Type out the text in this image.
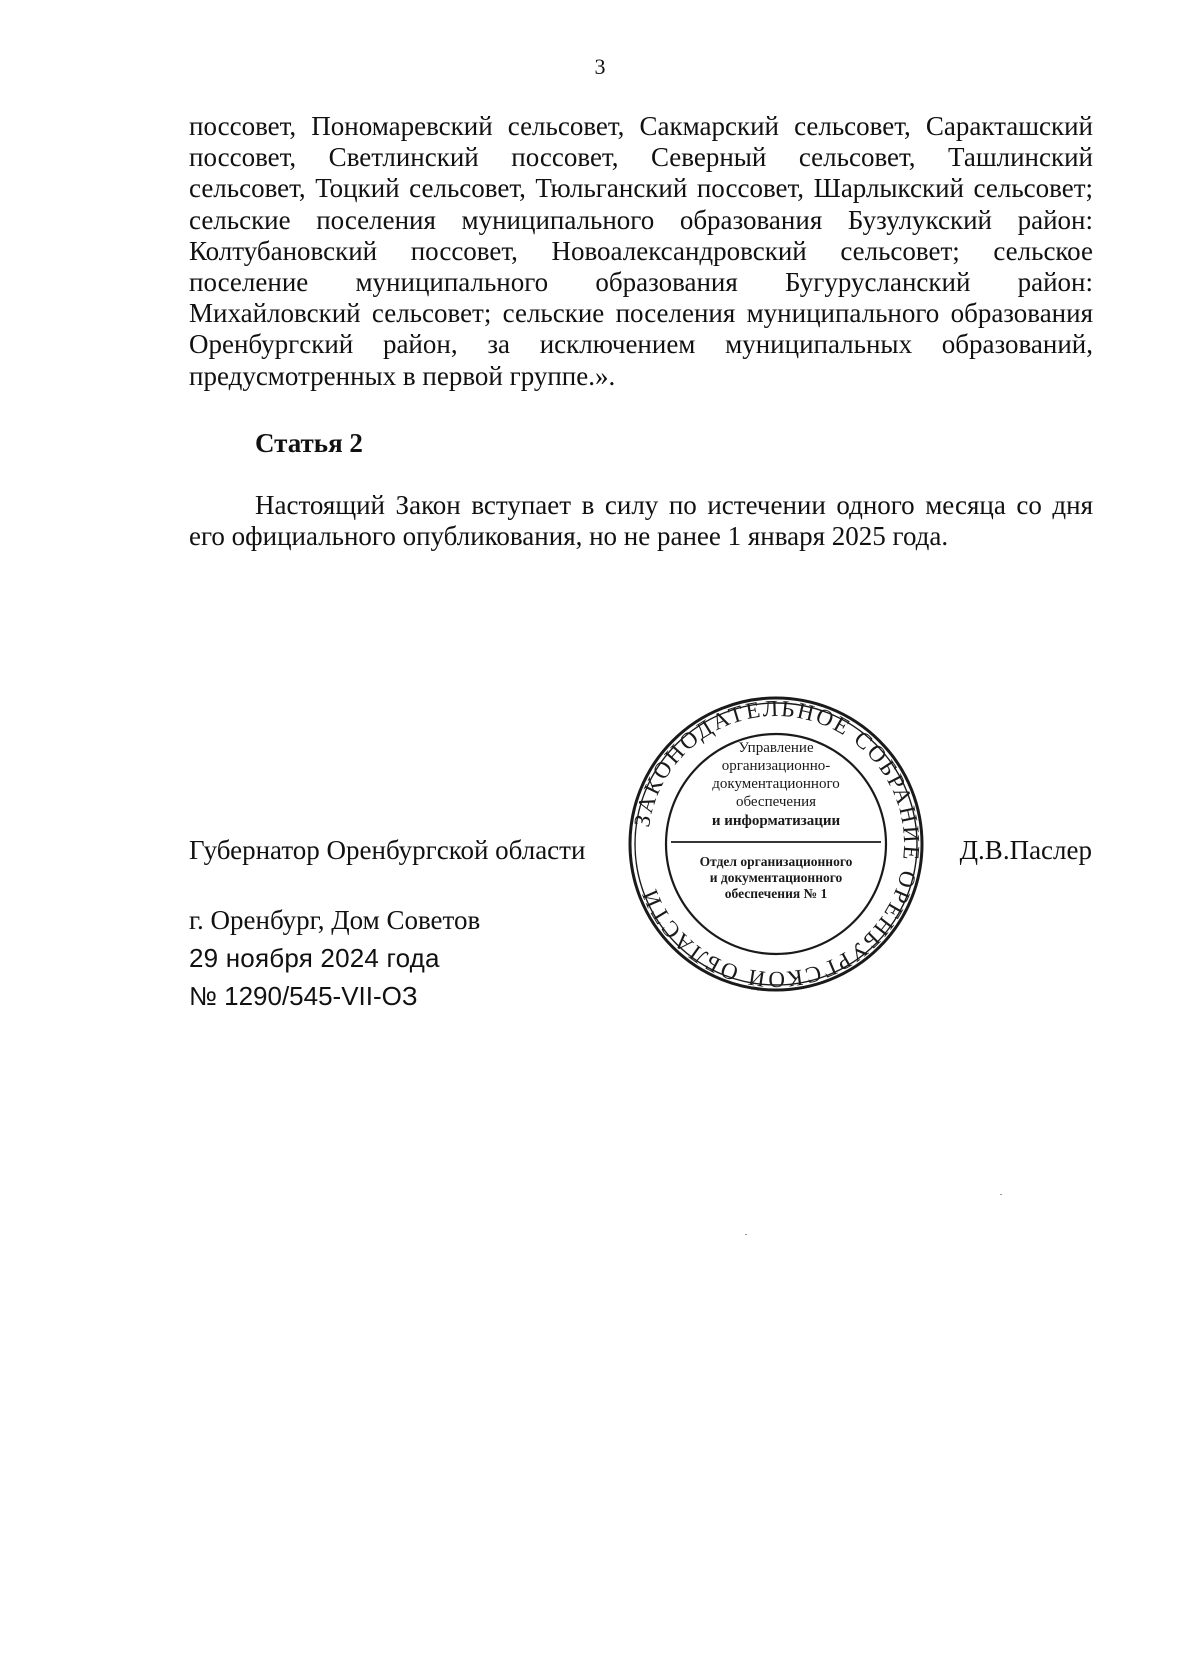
3
поссовет, Пономаревский сельсовет, Сакмарский сельсовет, Саракташский
поссовет, Светлинский поссовет, Северный сельсовет, Ташлинский
сельсовет, Тоцкий сельсовет, Тюльганский поссовет, Шарлыкский сельсовет;
сельские поселения муниципального образования Бузулукский район:
Колтубановский поссовет, Новоалександровский сельсовет; сельское
поселение муниципального образования Бугурусланский район:
Михайловский сельсовет; сельские поселения муниципального образования
Оренбургский район, за исключением муниципальных образований,
предусмотренных в первой группе.».
Статья 2
Настоящий Закон вступает в силу по истечении одного месяца со дня
его официального опубликования, но не ранее 1 января 2025 года.
Губернатор Оренбургской области	Д.В.Паслер
г. Оренбург, Дом Советов
29 ноября 2024 года
№ 1290/545-VII-ОЗ
ЗАКОНОДАТЕЛЬНОЕ СОБРАНИЕ ОРЕНБУРГСКОЙ ОБЛАСТИ
Управление
организационно-
документационного
обеспечения
и информатизации
Отдел организационного
и документационного
обеспечения № 1
